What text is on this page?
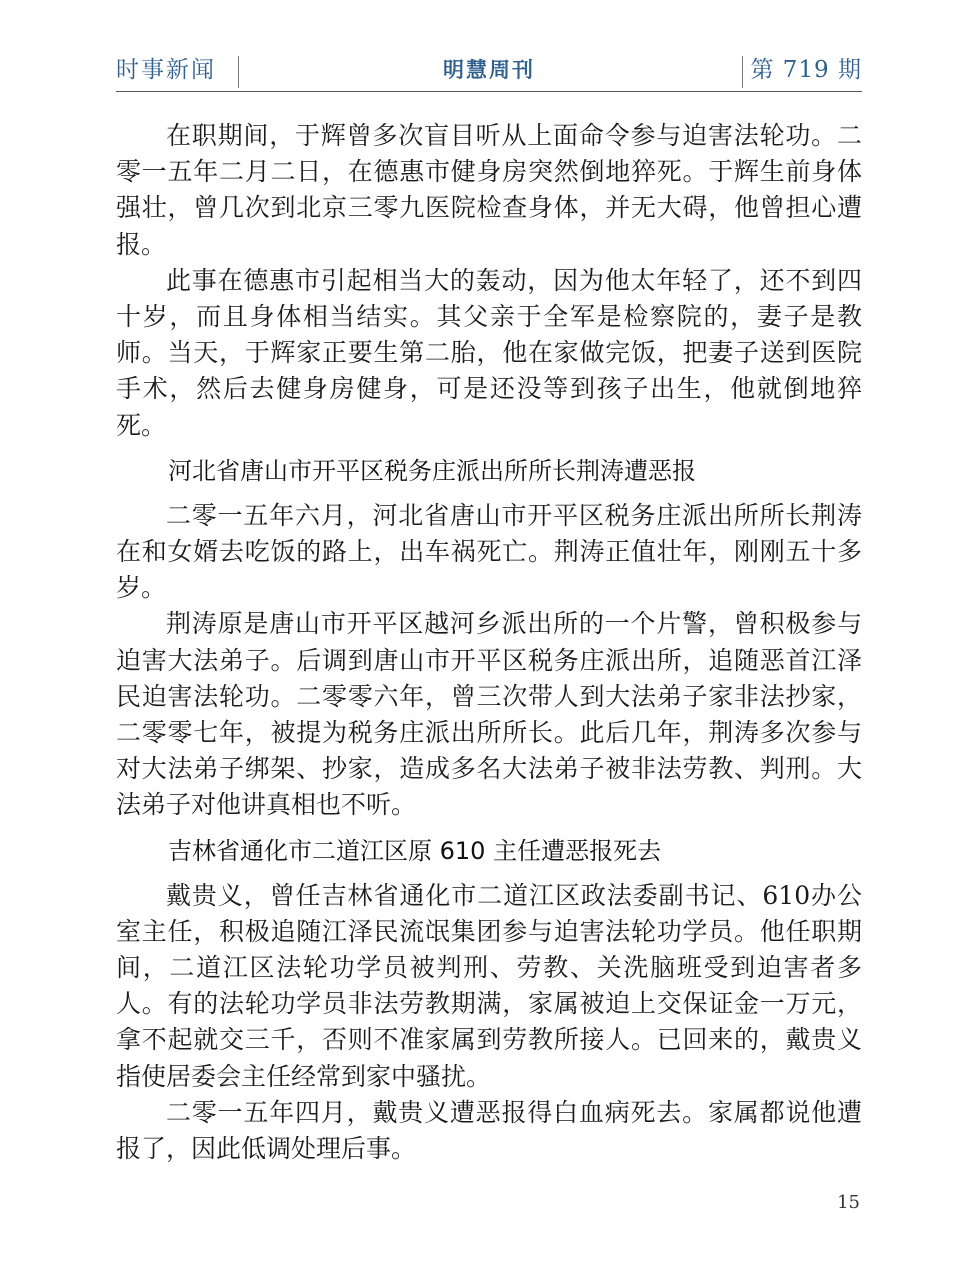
时事新闻	明慧周刊	第 719 期

在职期间，于辉曾多次盲目听从上面命令参与迫害法轮功。二零一五年二月二日，在德惠市健身房突然倒地猝死。于辉生前身体强壮，曾几次到北京三零九医院检查身体，并无大碍，他曾担心遭报。

此事在德惠市引起相当大的轰动，因为他太年轻了，还不到四十岁，而且身体相当结实。其父亲于全军是检察院的，妻子是教师。当天，于辉家正要生第二胎，他在家做完饭，把妻子送到医院手术，然后去健身房健身，可是还没等到孩子出生，他就倒地猝死。

河北省唐山市开平区税务庄派出所所长荆涛遭恶报

二零一五年六月，河北省唐山市开平区税务庄派出所所长荆涛在和女婿去吃饭的路上，出车祸死亡。荆涛正值壮年，刚刚五十多岁。

荆涛原是唐山市开平区越河乡派出所的一个片警，曾积极参与迫害大法弟子。后调到唐山市开平区税务庄派出所，追随恶首江泽民迫害法轮功。二零零六年，曾三次带人到大法弟子家非法抄家，二零零七年，被提为税务庄派出所所长。此后几年，荆涛多次参与对大法弟子绑架、抄家，造成多名大法弟子被非法劳教、判刑。大法弟子对他讲真相也不听。

吉林省通化市二道江区原 610 主任遭恶报死去

戴贵义，曾任吉林省通化市二道江区政法委副书记、610办公室主任，积极追随江泽民流氓集团参与迫害法轮功学员。他任职期间，二道江区法轮功学员被判刑、劳教、关洗脑班受到迫害者多人。有的法轮功学员非法劳教期满，家属被迫上交保证金一万元，拿不起就交三千，否则不准家属到劳教所接人。已回来的，戴贵义指使居委会主任经常到家中骚扰。

二零一五年四月，戴贵义遭恶报得白血病死去。家属都说他遭报了，因此低调处理后事。

15
